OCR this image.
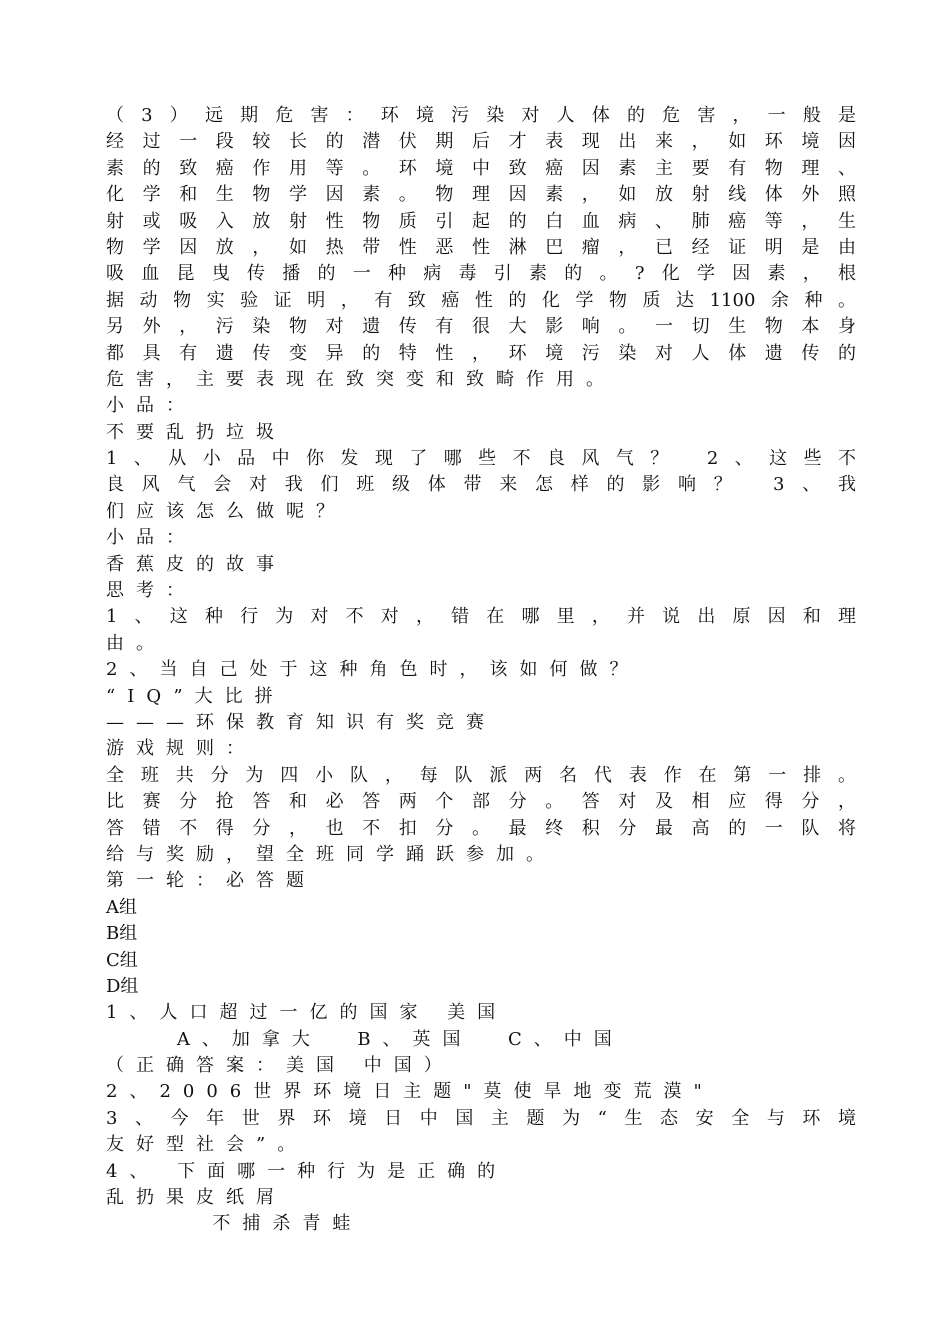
（3）远期危害：环境污染对人体的危害，一般是
经过一段较长的潜伏期后才表现出来，如环境因
素的致癌作用等。环境中致癌因素主要有物理、
化学和生物学因素。物理因素，如放射线体外照
射或吸入放射性物质引起的白血病、肺癌等，生
物学因放，如热带性恶性淋巴瘤，已经证明是由
吸血昆曳传播的一种病毒引素的。?化学因素，根
据动物实验证明，有致癌性的化学物质达1100余种。
另外，污染物对遗传有很大影响。一切生物本身
都具有遗传变异的特性，环境污染对人体遗传的
危害，主要表现在致突变和致畸作用。
小品：
不要乱扔垃圾
1、从小品中你发现了哪些不良风气？ 2、这些不
良风气会对我们班级体带来怎样的影响？ 3、我
们应该怎么做呢？
小品：
香蕉皮的故事
思考：
1、这种行为对不对，错在哪里，并说出原因和理
由。
2、当自己处于这种角色时，该如何做？
“IQ”大比拼
———环保教育知识有奖竞赛
游戏规则：
全班共分为四小队，每队派两名代表作在第一排。
比赛分抢答和必答两个部分。答对及相应得分，
答错不得分，也不扣分。最终积分最高的一队将
给与奖励，望全班同学踊跃参加。
第一轮：必答题
A组
B组
C组
D组
1、人口超过一亿的国家 美国
A、加拿大  B、英国  C、中国
（正确答案：美国 中国）
2、2006世界环境日主题"莫使旱地变荒漠"
3、今年世界环境日中国主题为“生态安全与环境
友好型社会”。
4、 下面哪一种行为是正确的
乱扔果皮纸屑
不捕杀青蛙
